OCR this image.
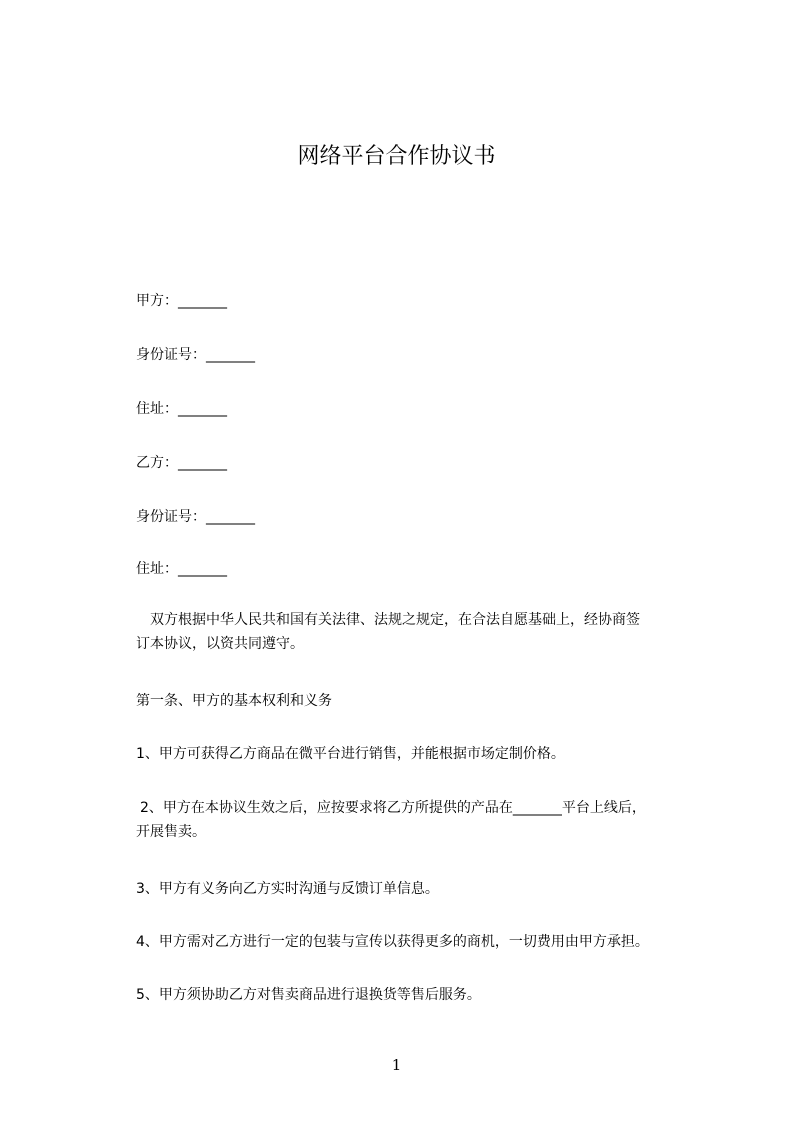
网络平台合作协议书
甲方：_______
身份证号：_______
住址：_______
乙方：_______
身份证号：_______
住址：_______
双方根据中华人民共和国有关法律、法规之规定，在合法自愿基础上，经协商签
订本协议，以资共同遵守。
第一条、甲方的基本权利和义务
1、甲方可获得乙方商品在微平台进行销售，并能根据市场定制价格。
2、甲方在本协议生效之后，应按要求将乙方所提供的产品在_______平台上线后，
开展售卖。
3、甲方有义务向乙方实时沟通与反馈订单信息。
4、甲方需对乙方进行一定的包装与宣传以获得更多的商机，一切费用由甲方承担。
5、甲方须协助乙方对售卖商品进行退换货等售后服务。
1
